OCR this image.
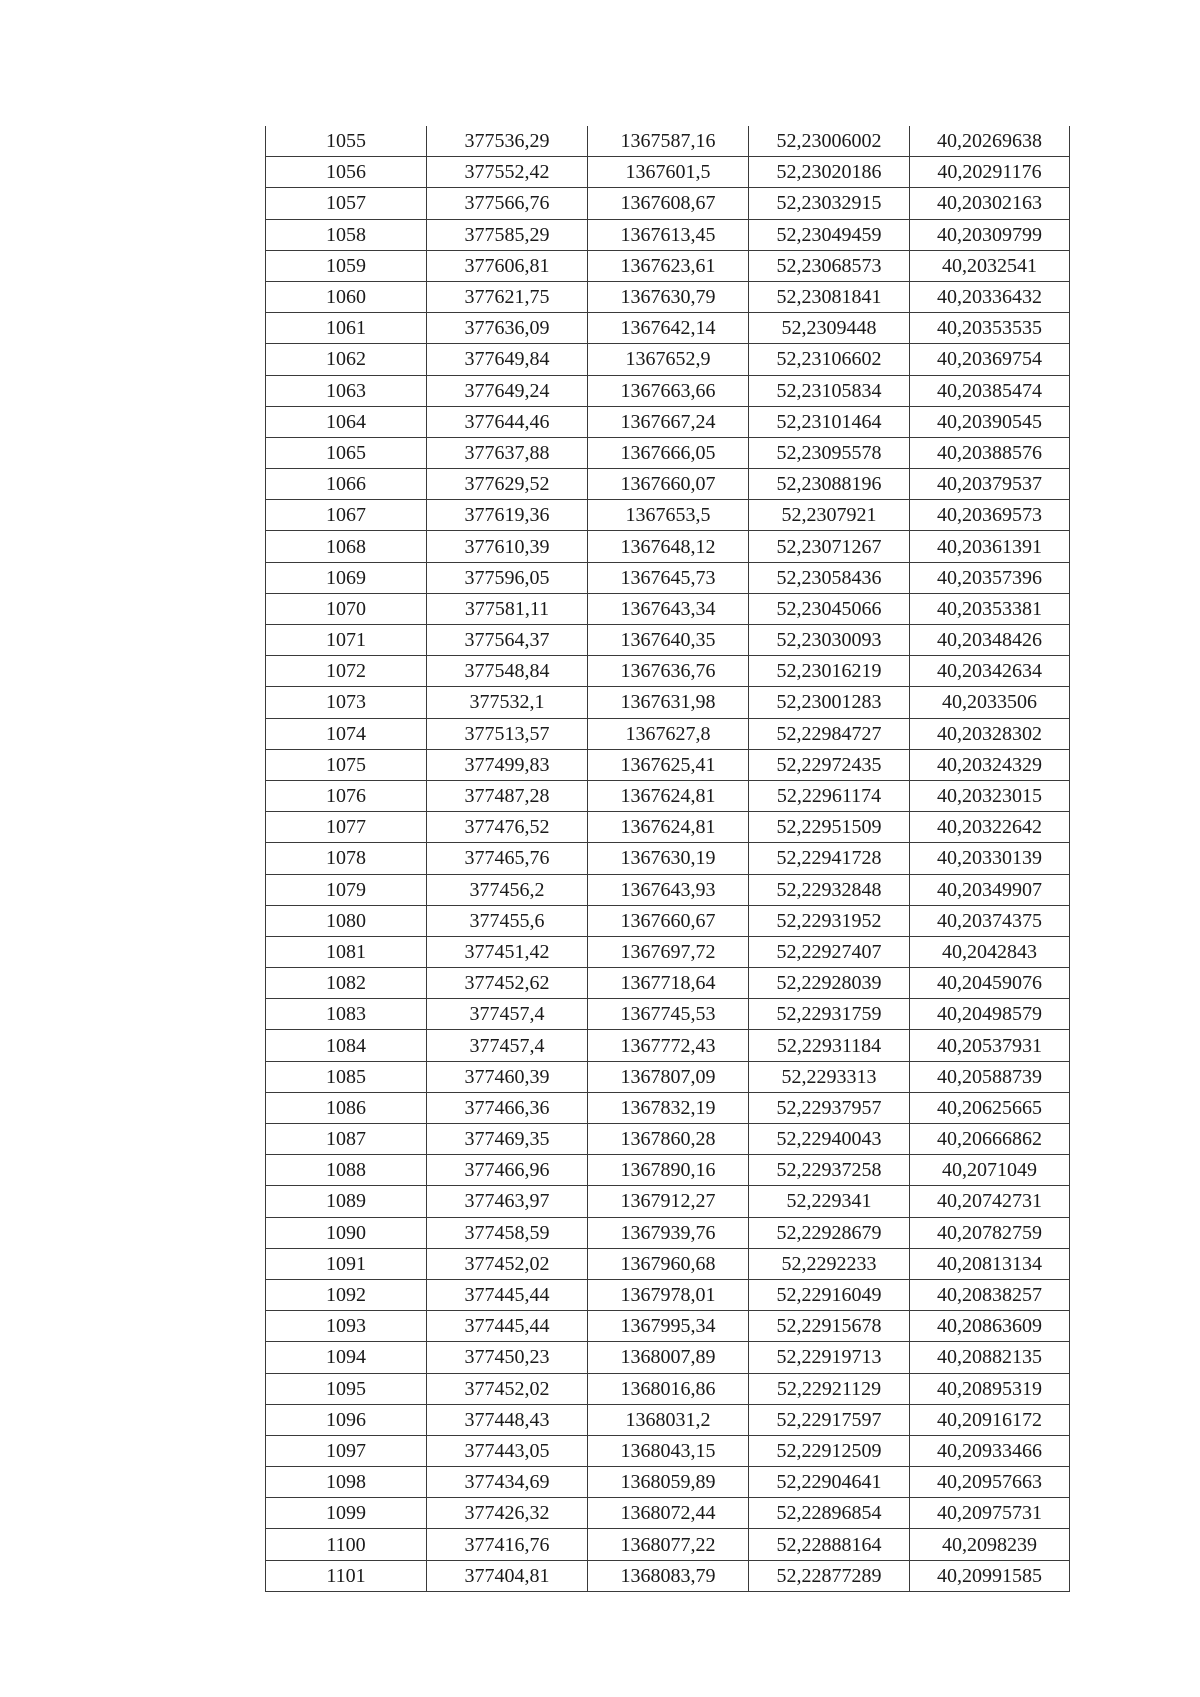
1055	377536,29	1367587,16	52,23006002	40,20269638
1056	377552,42	1367601,5	52,23020186	40,20291176
1057	377566,76	1367608,67	52,23032915	40,20302163
1058	377585,29	1367613,45	52,23049459	40,20309799
1059	377606,81	1367623,61	52,23068573	40,2032541
1060	377621,75	1367630,79	52,23081841	40,20336432
1061	377636,09	1367642,14	52,2309448	40,20353535
1062	377649,84	1367652,9	52,23106602	40,20369754
1063	377649,24	1367663,66	52,23105834	40,20385474
1064	377644,46	1367667,24	52,23101464	40,20390545
1065	377637,88	1367666,05	52,23095578	40,20388576
1066	377629,52	1367660,07	52,23088196	40,20379537
1067	377619,36	1367653,5	52,2307921	40,20369573
1068	377610,39	1367648,12	52,23071267	40,20361391
1069	377596,05	1367645,73	52,23058436	40,20357396
1070	377581,11	1367643,34	52,23045066	40,20353381
1071	377564,37	1367640,35	52,23030093	40,20348426
1072	377548,84	1367636,76	52,23016219	40,20342634
1073	377532,1	1367631,98	52,23001283	40,2033506
1074	377513,57	1367627,8	52,22984727	40,20328302
1075	377499,83	1367625,41	52,22972435	40,20324329
1076	377487,28	1367624,81	52,22961174	40,20323015
1077	377476,52	1367624,81	52,22951509	40,20322642
1078	377465,76	1367630,19	52,22941728	40,20330139
1079	377456,2	1367643,93	52,22932848	40,20349907
1080	377455,6	1367660,67	52,22931952	40,20374375
1081	377451,42	1367697,72	52,22927407	40,2042843
1082	377452,62	1367718,64	52,22928039	40,20459076
1083	377457,4	1367745,53	52,22931759	40,20498579
1084	377457,4	1367772,43	52,22931184	40,20537931
1085	377460,39	1367807,09	52,2293313	40,20588739
1086	377466,36	1367832,19	52,22937957	40,20625665
1087	377469,35	1367860,28	52,22940043	40,20666862
1088	377466,96	1367890,16	52,22937258	40,2071049
1089	377463,97	1367912,27	52,229341	40,20742731
1090	377458,59	1367939,76	52,22928679	40,20782759
1091	377452,02	1367960,68	52,2292233	40,20813134
1092	377445,44	1367978,01	52,22916049	40,20838257
1093	377445,44	1367995,34	52,22915678	40,20863609
1094	377450,23	1368007,89	52,22919713	40,20882135
1095	377452,02	1368016,86	52,22921129	40,20895319
1096	377448,43	1368031,2	52,22917597	40,20916172
1097	377443,05	1368043,15	52,22912509	40,20933466
1098	377434,69	1368059,89	52,22904641	40,20957663
1099	377426,32	1368072,44	52,22896854	40,20975731
1100	377416,76	1368077,22	52,22888164	40,2098239
1101	377404,81	1368083,79	52,22877289	40,20991585
